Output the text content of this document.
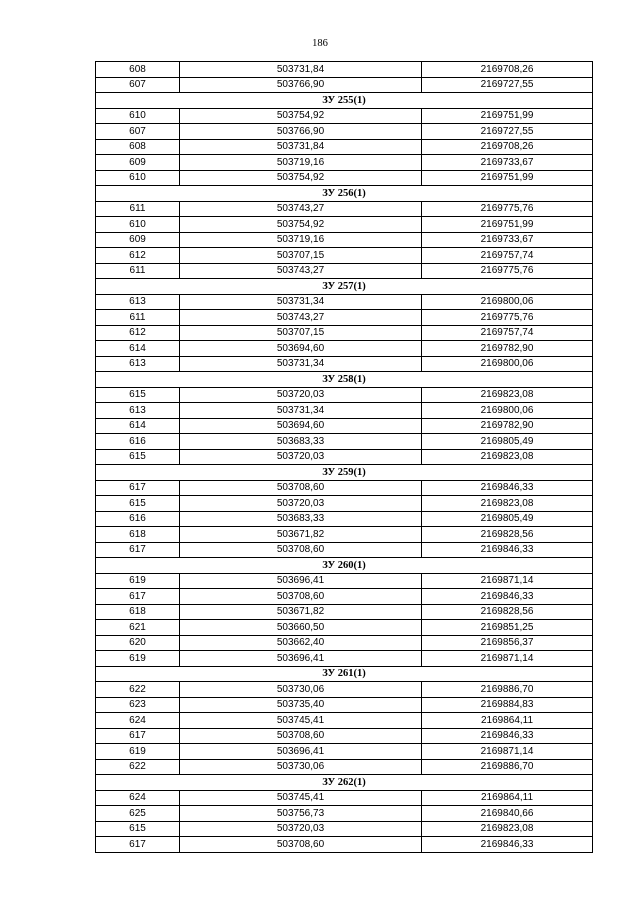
186
608	503731,84	2169708,26
607	503766,90	2169727,55
ЗУ 255(1)		
610	503754,92	2169751,99
607	503766,90	2169727,55
608	503731,84	2169708,26
609	503719,16	2169733,67
610	503754,92	2169751,99
ЗУ 256(1)		
611	503743,27	2169775,76
610	503754,92	2169751,99
609	503719,16	2169733,67
612	503707,15	2169757,74
611	503743,27	2169775,76
ЗУ 257(1)		
613	503731,34	2169800,06
611	503743,27	2169775,76
612	503707,15	2169757,74
614	503694,60	2169782,90
613	503731,34	2169800,06
ЗУ 258(1)		
615	503720,03	2169823,08
613	503731,34	2169800,06
614	503694,60	2169782,90
616	503683,33	2169805,49
615	503720,03	2169823,08
ЗУ 259(1)		
617	503708,60	2169846,33
615	503720,03	2169823,08
616	503683,33	2169805,49
618	503671,82	2169828,56
617	503708,60	2169846,33
ЗУ 260(1)		
619	503696,41	2169871,14
617	503708,60	2169846,33
618	503671,82	2169828,56
621	503660,50	2169851,25
620	503662,40	2169856,37
619	503696,41	2169871,14
ЗУ 261(1)		
622	503730,06	2169886,70
623	503735,40	2169884,83
624	503745,41	2169864,11
617	503708,60	2169846,33
619	503696,41	2169871,14
622	503730,06	2169886,70
ЗУ 262(1)		
624	503745,41	2169864,11
625	503756,73	2169840,66
615	503720,03	2169823,08
617	503708,60	2169846,33
